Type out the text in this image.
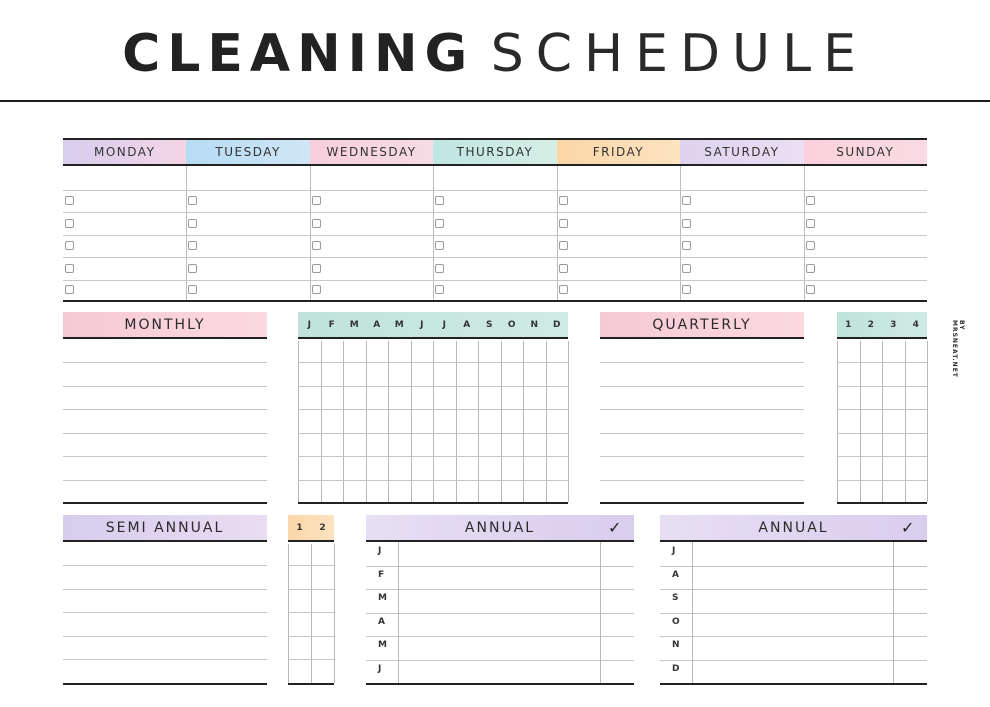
CLEANING SCHEDULE
MONDAY	TUESDAY	WEDNESDAY	THURSDAY	FRIDAY	SATURDAY	SUNDAY
MONTHLY	J	F	M	A	M	J	J	A	S	O	N	D	QUARTERLY	1	2	3	4
SEMI ANNUAL	1	2	ANNUAL	✓
J
F
M
A
M
J
ANNUAL	✓
J
A
S
O
N
D
BY MRSNEAT.NET
